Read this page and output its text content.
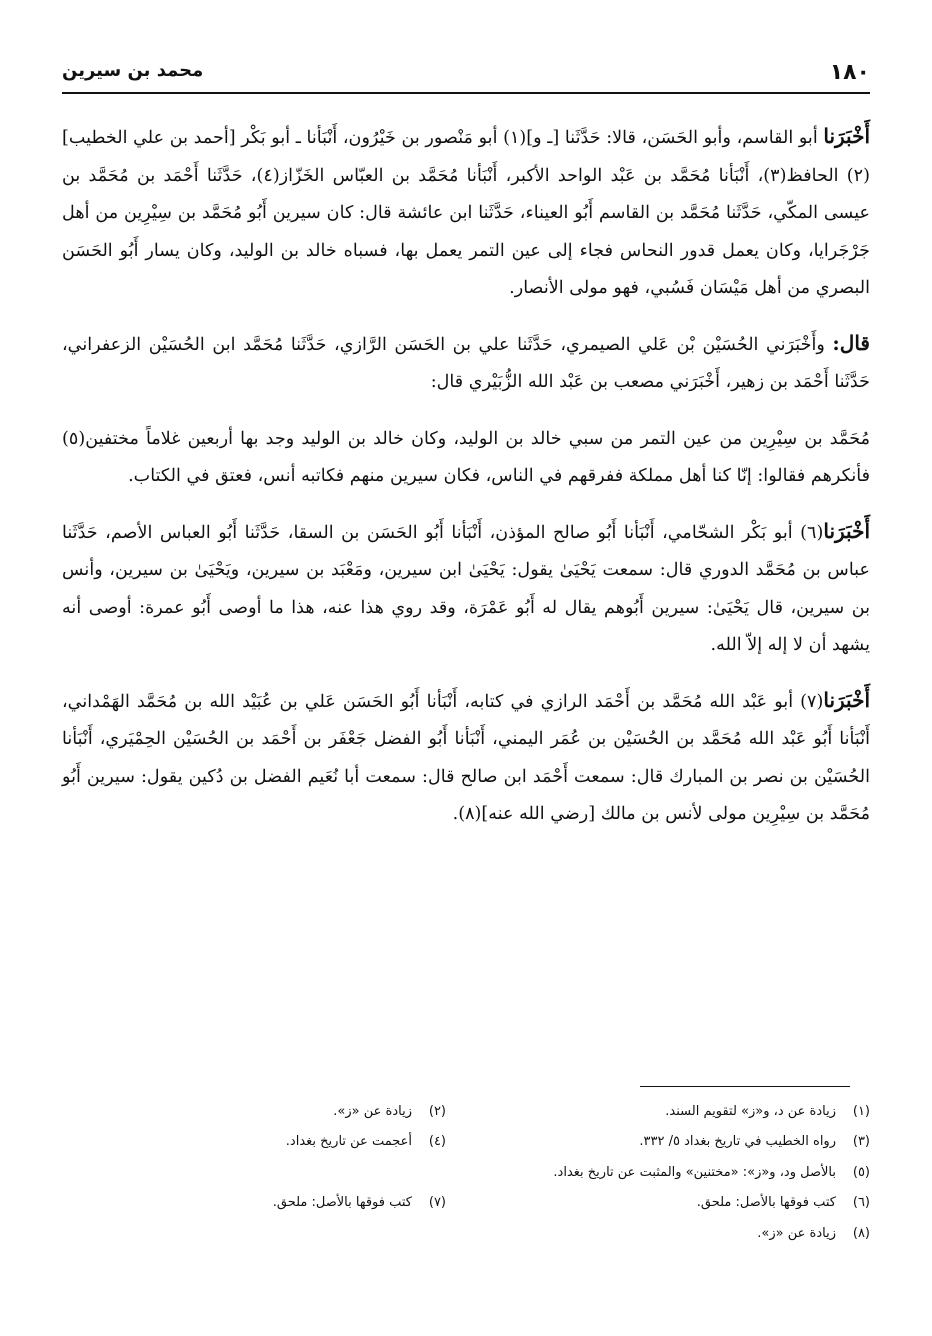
١٨٠
محمد بن سيرين

أَخْبَرَنا أبو القاسم، وأبو الحَسَن، قالا: حَدَّثَنا [ـ و](١) أبو مَنْصور بن خَيْرُون، أَنْبَأنا ـ أبو بَكْر [أحمد بن علي الخطيب](٢) الحافظ(٣)، أَنْبَأنا مُحَمَّد بن عَبْد الواحد الأكبر، أَنْبَأنا مُحَمَّد بن العبّاس الخَزّاز(٤)، حَدَّثَنا أَحْمَد بن مُحَمَّد بن عيسى المكّي، حَدَّثَنا مُحَمَّد بن القاسم أَبُو العيناء، حَدَّثَنا ابن عائشة قال: كان سيرين أَبُو مُحَمَّد بن سِيْرِين من أهل جَرْجَرايا، وكان يعمل قدور النحاس فجاء إلى عين التمر يعمل بها، فسباه خالد بن الوليد، وكان يسار أَبُو الحَسَن البصري من أهل مَيْسَان فَسُبي، فهو مولى الأنصار.

قال: وأَخْبَرَني الحُسَيْن بْن عَلي الصيمري، حَدَّثَنا علي بن الحَسَن الرَّازي، حَدَّثَنا مُحَمَّد ابن الحُسَيْن الزعفراني، حَدَّثَنا أَحْمَد بن زهير، أَخْبَرَني مصعب بن عَبْد الله الزُّبَيْري قال:

مُحَمَّد بن سِيْرِين من عين التمر من سبي خالد بن الوليد، وكان خالد بن الوليد وجد بها أربعين غلاماً مختفين(٥) فأنكرهم فقالوا: إنّا كنا أهل مملكة ففرقهم في الناس، فكان سيرين منهم فكاتبه أنس، فعتق في الكتاب.

أَخْبَرَنا(٦) أبو بَكْر الشحّامي، أَنْبَأنا أَبُو صالح المؤذن، أَنْبَأنا أَبُو الحَسَن بن السقا، حَدَّثَنا أَبُو العباس الأصم، حَدَّثَنا عباس بن مُحَمَّد الدوري قال: سمعت يَحْيَىٰ يقول: يَحْيَىٰ ابن سيرين، ومَعْبَد بن سيرين، ويَحْيَىٰ بن سيرين، وأنس بن سيرين، قال يَحْيَىٰ: سيرين أَبُوهم يقال له أَبُو عَمْرَة، وقد روي هذا عنه، هذا ما أوصى أَبُو عمرة: أوصى أنه يشهد أن لا إله إلاّ الله.

أَخْبَرَنا(٧) أبو عَبْد الله مُحَمَّد بن أَحْمَد الرازي في كتابه، أَنْبَأنا أَبُو الحَسَن عَلي بن عُبَيْد الله بن مُحَمَّد الهَمْداني، أَنْبَأنا أَبُو عَبْد الله مُحَمَّد بن الحُسَيْن بن عُمَر اليمني، أَنْبَأنا أَبُو الفضل جَعْفَر بن أَحْمَد بن الحُسَيْن الحِمْيَري، أَنْبَأنا الحُسَيْن بن نصر بن المبارك قال: سمعت أَحْمَد ابن صالح قال: سمعت أبا نُعَيم الفضل بن دُكين يقول: سيرين أَبُو مُحَمَّد بن سِيْرِين مولى لأنس بن مالك [رضي الله عنه](٨).

(١)
زيادة عن د، و«ز» لتقويم السند.
(٢)
زيادة عن «ز».
(٣)
رواه الخطيب في تاريخ بغداد ٥/ ٣٣٢.
(٤)
أعجمت عن تاريخ بغداد.
(٥)
بالأصل ود، و«ز»: «مختنين» والمثبت عن تاريخ بغداد.
(٦)
كتب فوقها بالأصل: ملحق.
(٧)
كتب فوقها بالأصل: ملحق.
(٨)
زيادة عن «ز».
